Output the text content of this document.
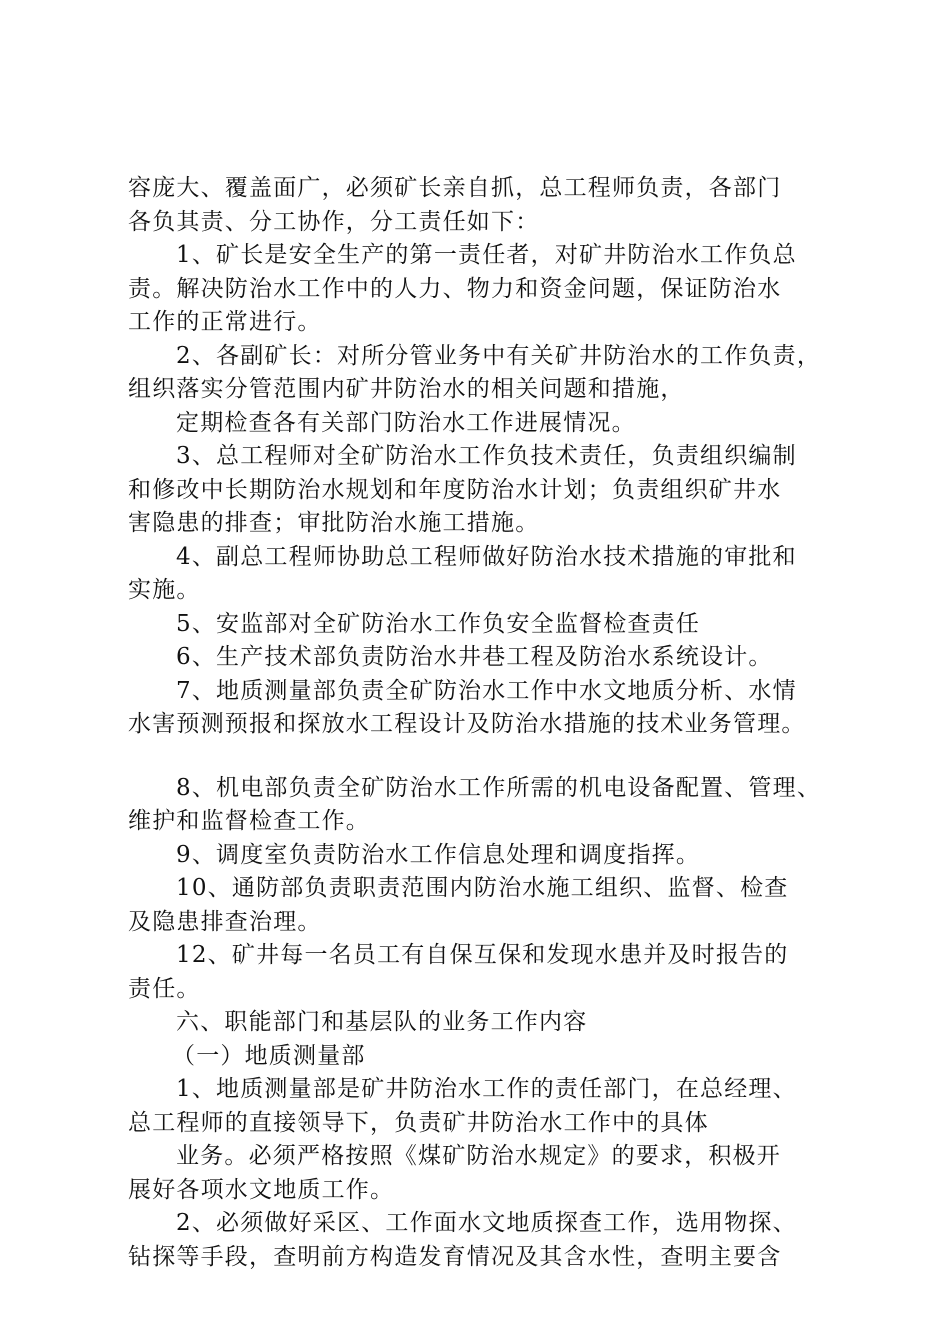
容庞大、覆盖面广，必须矿长亲自抓，总工程师负责，各部门
各负其责、分工协作，分工责任如下：
1、矿长是安全生产的第一责任者，对矿井防治水工作负总
责。解决防治水工作中的人力、物力和资金问题，保证防治水
工作的正常进行。
2、各副矿长：对所分管业务中有关矿井防治水的工作负责，
组织落实分管范围内矿井防治水的相关问题和措施，
定期检查各有关部门防治水工作进展情况。
3、总工程师对全矿防治水工作负技术责任，负责组织编制
和修改中长期防治水规划和年度防治水计划；负责组织矿井水
害隐患的排查；审批防治水施工措施。
4、副总工程师协助总工程师做好防治水技术措施的审批和
实施。
5、安监部对全矿防治水工作负安全监督检查责任
6、生产技术部负责防治水井巷工程及防治水系统设计。
7、地质测量部负责全矿防治水工作中水文地质分析、水情
水害预测预报和探放水工程设计及防治水措施的技术业务管理。
8、机电部负责全矿防治水工作所需的机电设备配置、管理、
维护和监督检查工作。
9、调度室负责防治水工作信息处理和调度指挥。
10、通防部负责职责范围内防治水施工组织、监督、检查
及隐患排查治理。
12、矿井每一名员工有自保互保和发现水患并及时报告的
责任。
六、职能部门和基层队的业务工作内容
（一）地质测量部
1、地质测量部是矿井防治水工作的责任部门，在总经理、
总工程师的直接领导下，负责矿井防治水工作中的具体
业务。必须严格按照《煤矿防治水规定》的要求，积极开
展好各项水文地质工作。
2、必须做好采区、工作面水文地质探查工作，选用物探、
钻探等手段，查明前方构造发育情况及其含水性，查明主要含
